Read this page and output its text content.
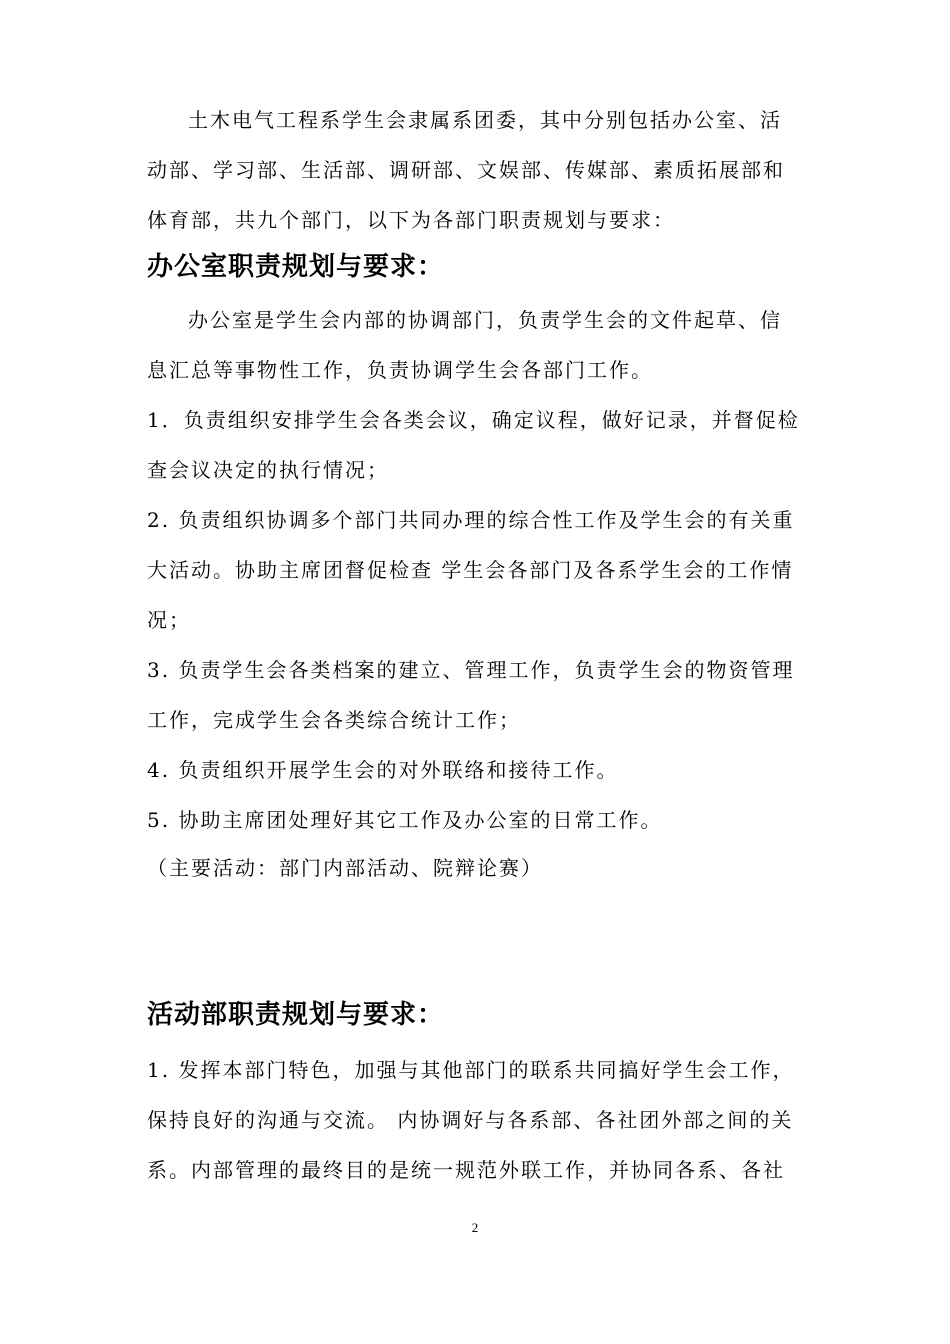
土木电气工程系学生会隶属系团委，其中分别包括办公室、活
动部、学习部、生活部、调研部、文娱部、传媒部、素质拓展部和
体育部，共九个部门，以下为各部门职责规划与要求：
办公室职责规划与要求：
办公室是学生会内部的协调部门，负责学生会的文件起草、信
息汇总等事物性工作，负责协调学生会各部门工作。
1．负责组织安排学生会各类会议，确定议程，做好记录，并督促检
查会议决定的执行情况；
2. 负责组织协调多个部门共同办理的综合性工作及学生会的有关重
大活动。协助主席团督促检查 学生会各部门及各系学生会的工作情
况；
3. 负责学生会各类档案的建立、管理工作，负责学生会的物资管理
工作，完成学生会各类综合统计工作；
4. 负责组织开展学生会的对外联络和接待工作。
5. 协助主席团处理好其它工作及办公室的日常工作。
（主要活动：部门内部活动、院辩论赛）
活动部职责规划与要求：
1. 发挥本部门特色，加强与其他部门的联系共同搞好学生会工作，
保持良好的沟通与交流。 内协调好与各系部、各社团外部之间的关
系。内部管理的最终目的是统一规范外联工作，并协同各系、各社
2
